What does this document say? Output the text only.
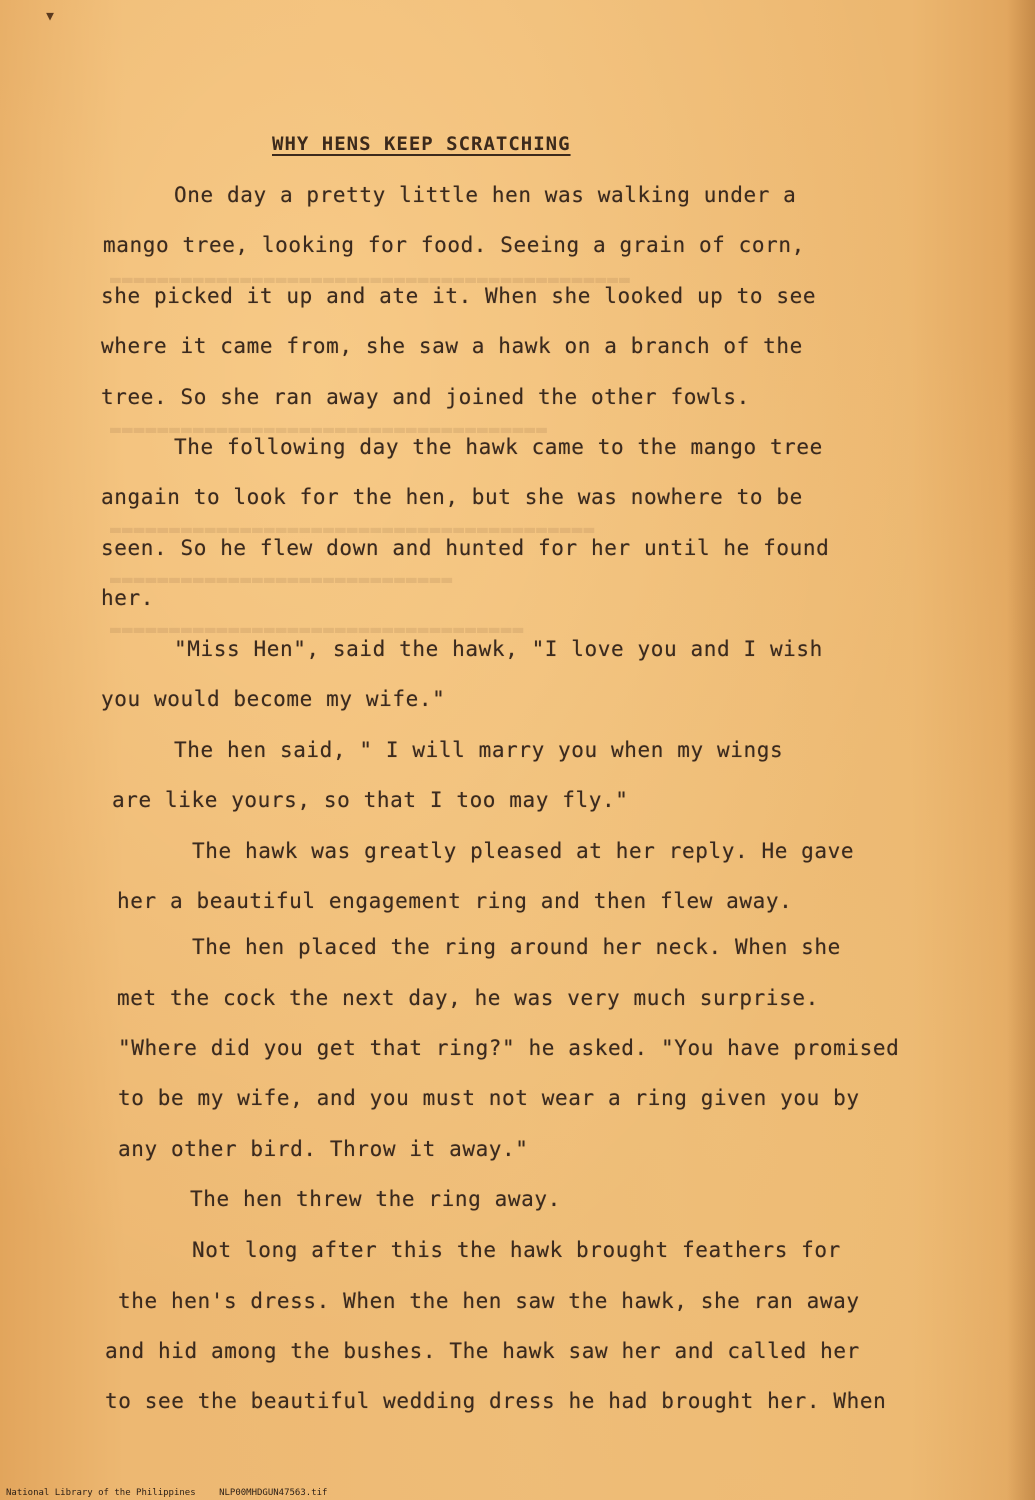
▾

▬▬▬▬▬▬▬▬▬▬▬▬▬▬▬▬▬▬▬▬▬▬▬▬▬▬▬▬▬▬▬▬▬▬▬▬▬▬▬▬▬▬▬▬

▬▬▬▬▬▬▬▬▬▬▬▬▬▬▬▬▬▬▬▬▬▬▬▬▬▬▬▬▬▬▬▬▬▬▬▬▬

▬▬▬▬▬▬▬▬▬▬▬▬▬▬▬▬▬▬▬▬▬▬▬▬▬▬▬▬▬▬▬▬▬▬▬▬▬▬▬▬▬
▬▬▬▬▬▬▬▬▬▬▬▬▬▬▬▬▬▬▬▬▬▬▬▬▬▬▬▬▬
▬▬▬▬▬▬▬▬▬▬▬▬▬▬▬▬▬▬▬▬▬▬▬▬▬▬▬▬▬▬▬▬▬▬▬

WHY HENS KEEP SCRATCHING

One day a pretty little hen was walking under a

mango tree, looking for food. Seeing a grain of corn,

she picked it up and ate it. When she looked up to see

where it came from, she saw a hawk on a branch of the

tree. So she ran away and joined the other fowls.

The following day the hawk came to the mango tree

angain to look for the hen, but she was nowhere to be

seen. So he flew down and hunted for her until he found

her.

"Miss Hen", said the hawk, "I love you and I wish

you would become my wife."

The hen said, " I will marry you when my wings

are like yours, so that I too may fly."

The hawk was greatly pleased at her reply. He gave

her a beautiful engagement ring and then flew away.

The hen placed the ring around her neck. When she

met the cock the next day, he was very much surprise.

"Where did you get that ring?" he asked. "You have promised

to be my wife, and you must not wear a ring given you by

any other bird. Throw it away."

The hen threw the ring away.

Not long after this the hawk brought feathers for

the hen's dress. When the hen saw the hawk, she ran away

and hid among the bushes. The hawk saw her and called her

to see the beautiful wedding dress he had brought her. When

National Library of the Philippines	NLP00MHDGUN47563.tif
